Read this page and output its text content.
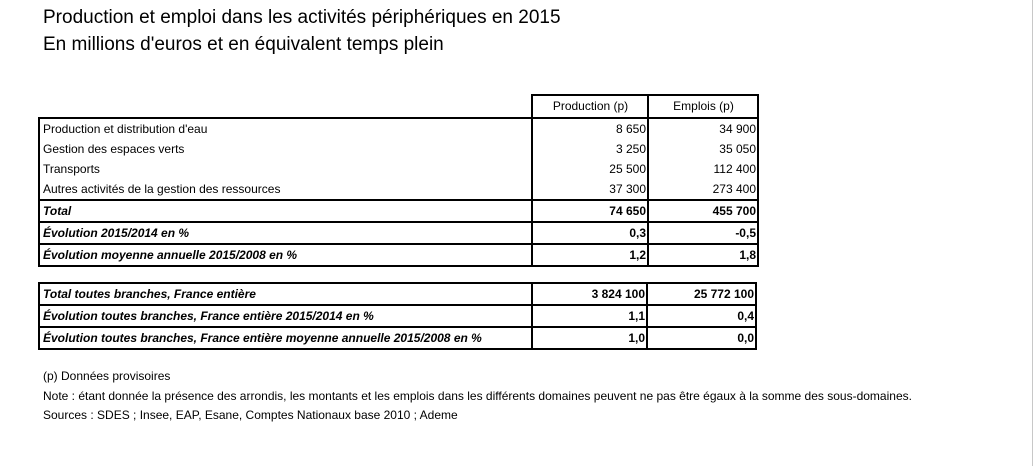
Production et emploi dans les activités périphériques en 2015
En millions d'euros et en équivalent temps plein
	Production (p)	Emplois (p)
Production et distribution d'eau	8 650	34 900
Gestion des espaces verts	3 250	35 050
Transports	25 500	112 400
Autres activités de la gestion des ressources	37 300	273 400
Total	74 650	455 700
Évolution 2015/2014 en %	0,3	-0,5
Évolution moyenne annuelle 2015/2008 en %	1,2	1,8
Total toutes branches, France entière	3 824 100	25 772 100
Évolution toutes branches, France entière 2015/2014 en %	1,1	0,4
Évolution toutes branches, France entière moyenne annuelle 2015/2008 en %	1,0	0,0
(p) Données provisoires
Note : étant donnée la présence des arrondis, les montants et les emplois dans les différents domaines peuvent ne pas être égaux à la somme des sous-domaines.
Sources : SDES ; Insee, EAP, Esane, Comptes Nationaux base 2010 ; Ademe
